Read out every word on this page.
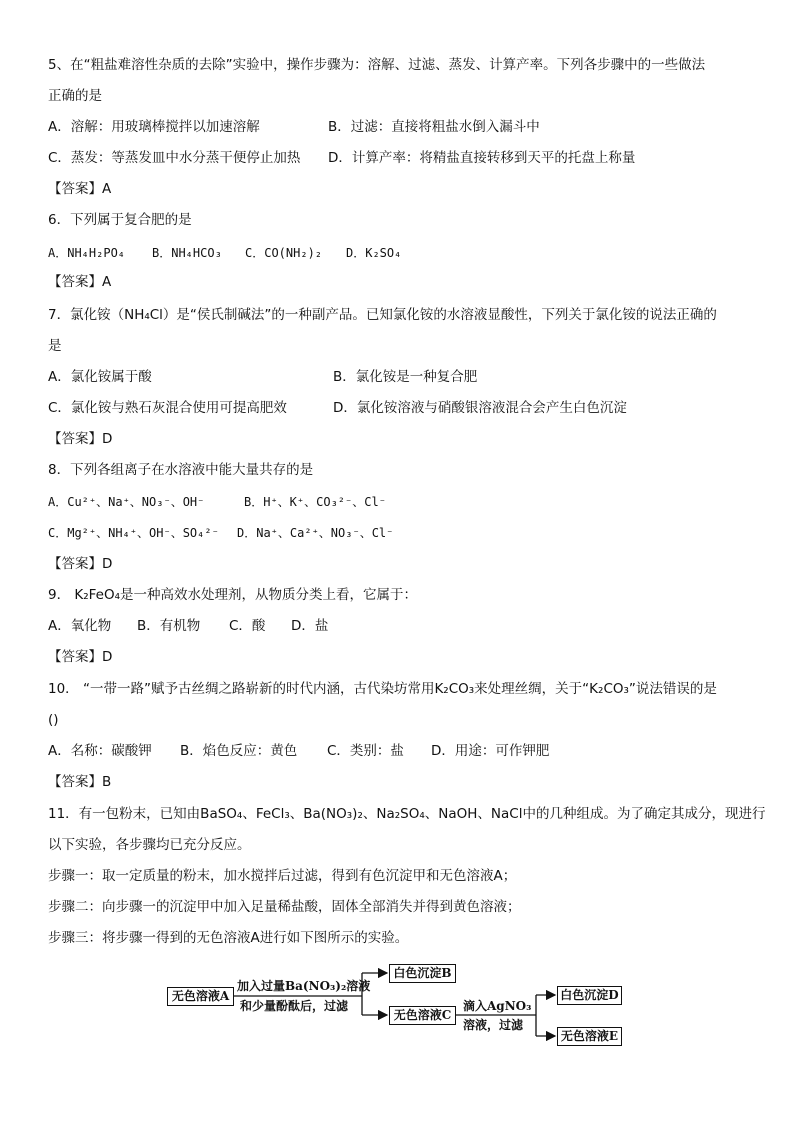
5、在“粗盐难溶性杂质的去除”实验中，操作步骤为：溶解、过滤、蒸发、计算产率。下列各步骤中的一些做法
正确的是
A．溶解：用玻璃棒搅拌以加速溶解	B．过滤：直接将粗盐水倒入漏斗中
C．蒸发：等蒸发皿中水分蒸干便停止加热 D．计算产率：将精盐直接转移到天平的托盘上称量
【答案】A
6．下列属于复合肥的是
A．NH₄H₂PO₄ B．NH₄HCO₃ C．CO(NH₂)₂ D．K₂SO₄
【答案】A
7．氯化铵（NH₄Cl）是“侯氏制碱法”的一种副产品。已知氯化铵的水溶液显酸性，下列关于氯化铵的说法正确的
是
A．氯化铵属于酸	B．氯化铵是一种复合肥
C．氯化铵与熟石灰混合使用可提高肥效	D．氯化铵溶液与硝酸银溶液混合会产生白色沉淀
【答案】D
8．下列各组离子在水溶液中能大量共存的是
A．Cu²⁺、Na⁺、NO₃⁻、OH⁻	B．H⁺、K⁺、CO₃²⁻、Cl⁻
C．Mg²⁺、NH₄⁺、OH⁻、SO₄²⁻ D．Na⁺、Ca²⁺、NO₃⁻、Cl⁻
【答案】D
9． K₂FeO₄是一种高效水处理剂，从物质分类上看，它属于：
A．氧化物 B．有机物 C．酸 D．盐
【答案】D
10． “一带一路”赋予古丝绸之路崭新的时代内涵，古代染坊常用K₂CO₃来处理丝绸，关于“K₂CO₃”说法错误的是
()
A．名称：碳酸钾 B．焰色反应：黄色 C．类别：盐 D．用途：可作钾肥
【答案】B
11．有一包粉末，已知由BaSO₄、FeCl₃、Ba(NO₃)₂、Na₂SO₄、NaOH、NaCl中的几种组成。为了确定其成分，现进行
以下实验，各步骤均已充分反应。
步骤一：取一定质量的粉末，加水搅拌后过滤，得到有色沉淀甲和无色溶液A；
步骤二：向步骤一的沉淀甲中加入足量稀盐酸，固体全部消失并得到黄色溶液；
步骤三：将步骤一得到的无色溶液A进行如下图所示的实验。
无色溶液A
加入过量Ba(NO₃)₂溶液
和少量酚酞后，过滤
白色沉淀B
无色溶液C
滴入AgNO₃
溶液，过滤
白色沉淀D
无色溶液E
